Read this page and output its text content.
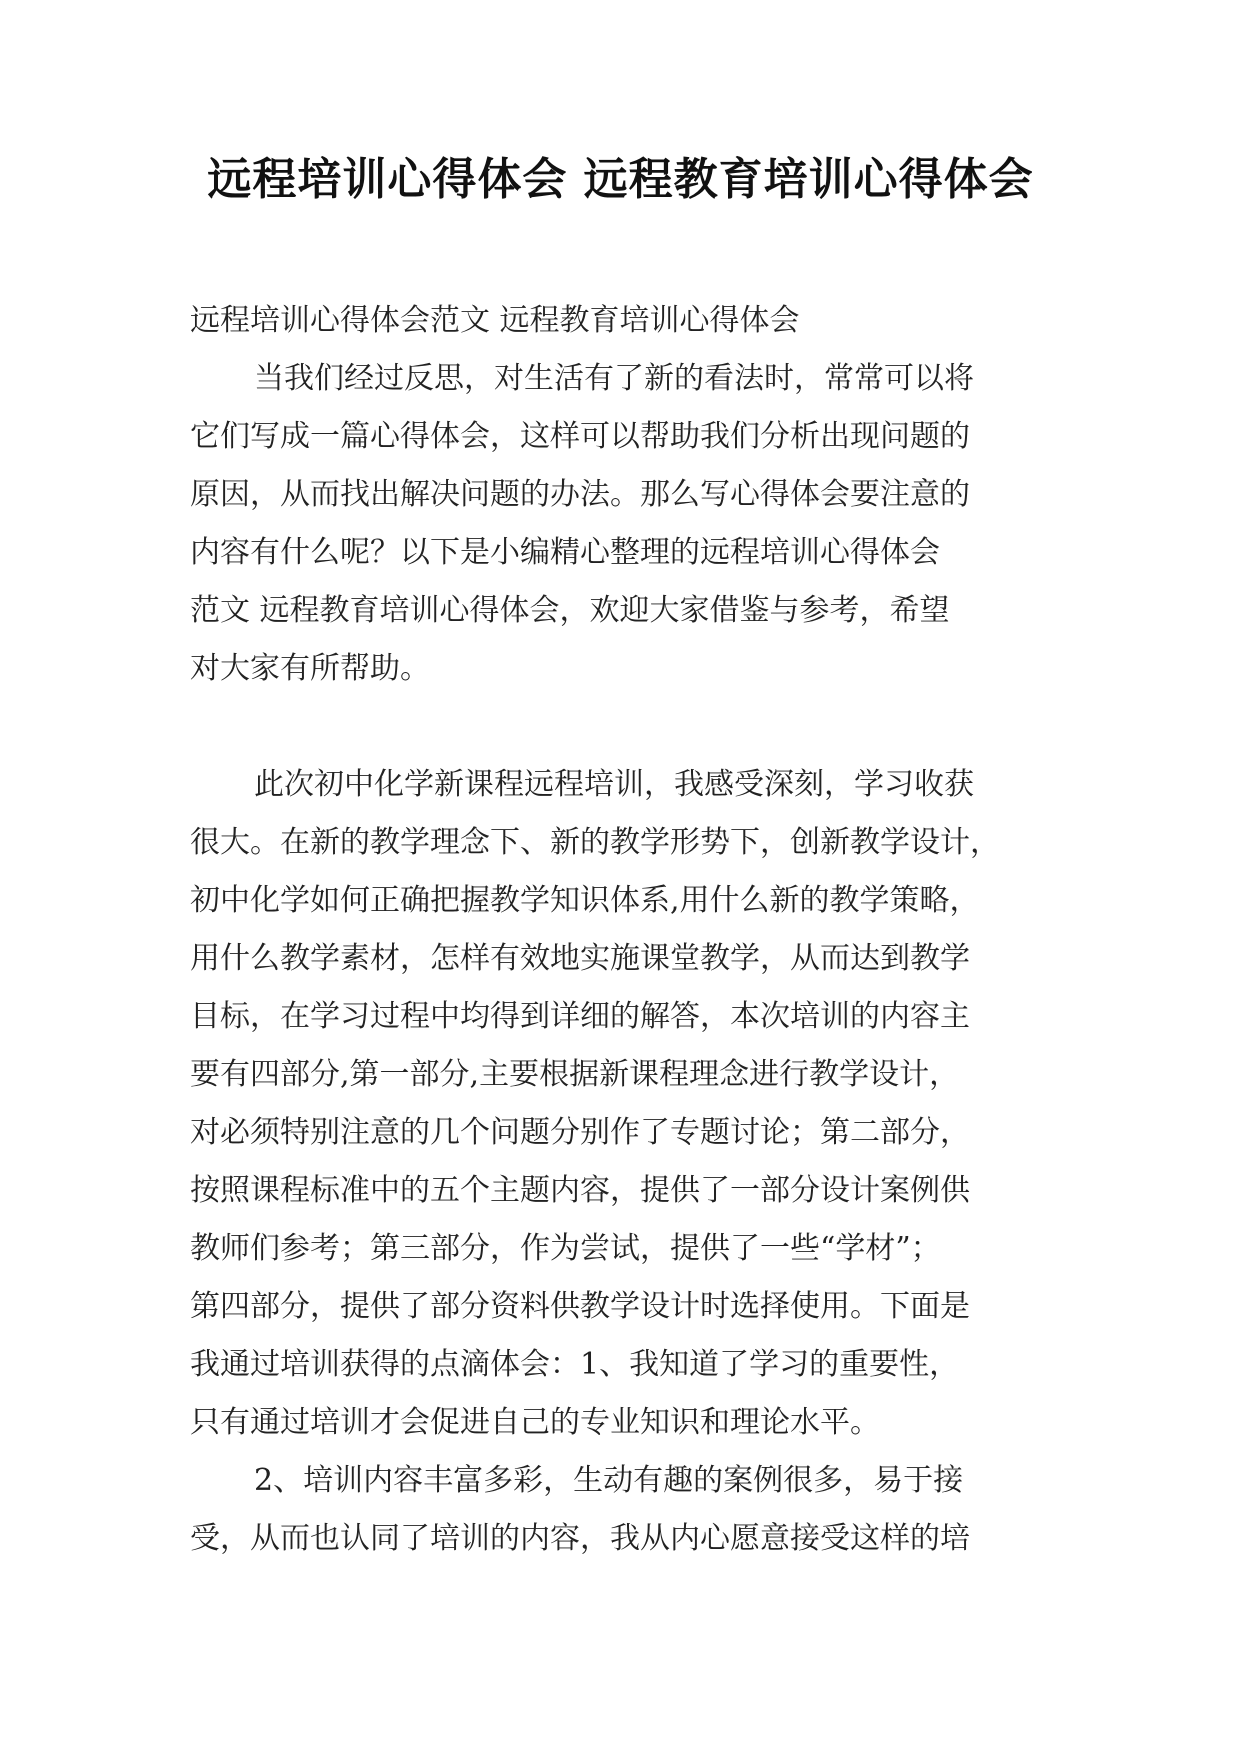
远程培训心得体会 远程教育培训心得体会
远程培训心得体会范文 远程教育培训心得体会
当我们经过反思，对生活有了新的看法时，常常可以将
它们写成一篇心得体会，这样可以帮助我们分析出现问题的
原因，从而找出解决问题的办法。那么写心得体会要注意的
内容有什么呢？以下是小编精心整理的远程培训心得体会
范文 远程教育培训心得体会，欢迎大家借鉴与参考，希望
对大家有所帮助。
此次初中化学新课程远程培训，我感受深刻，学习收获
很大。在新的教学理念下、新的教学形势下，创新教学设计，
初中化学如何正确把握教学知识体系,用什么新的教学策略，
用什么教学素材，怎样有效地实施课堂教学，从而达到教学
目标，在学习过程中均得到详细的解答，本次培训的内容主
要有四部分,第一部分,主要根据新课程理念进行教学设计，
对必须特别注意的几个问题分别作了专题讨论；第二部分，
按照课程标准中的五个主题内容，提供了一部分设计案例供
教师们参考；第三部分，作为尝试，提供了一些“学材”；
第四部分，提供了部分资料供教学设计时选择使用。下面是
我通过培训获得的点滴体会：1、我知道了学习的重要性，
只有通过培训才会促进自己的专业知识和理论水平。
2、培训内容丰富多彩，生动有趣的案例很多，易于接
受，从而也认同了培训的内容，我从内心愿意接受这样的培
